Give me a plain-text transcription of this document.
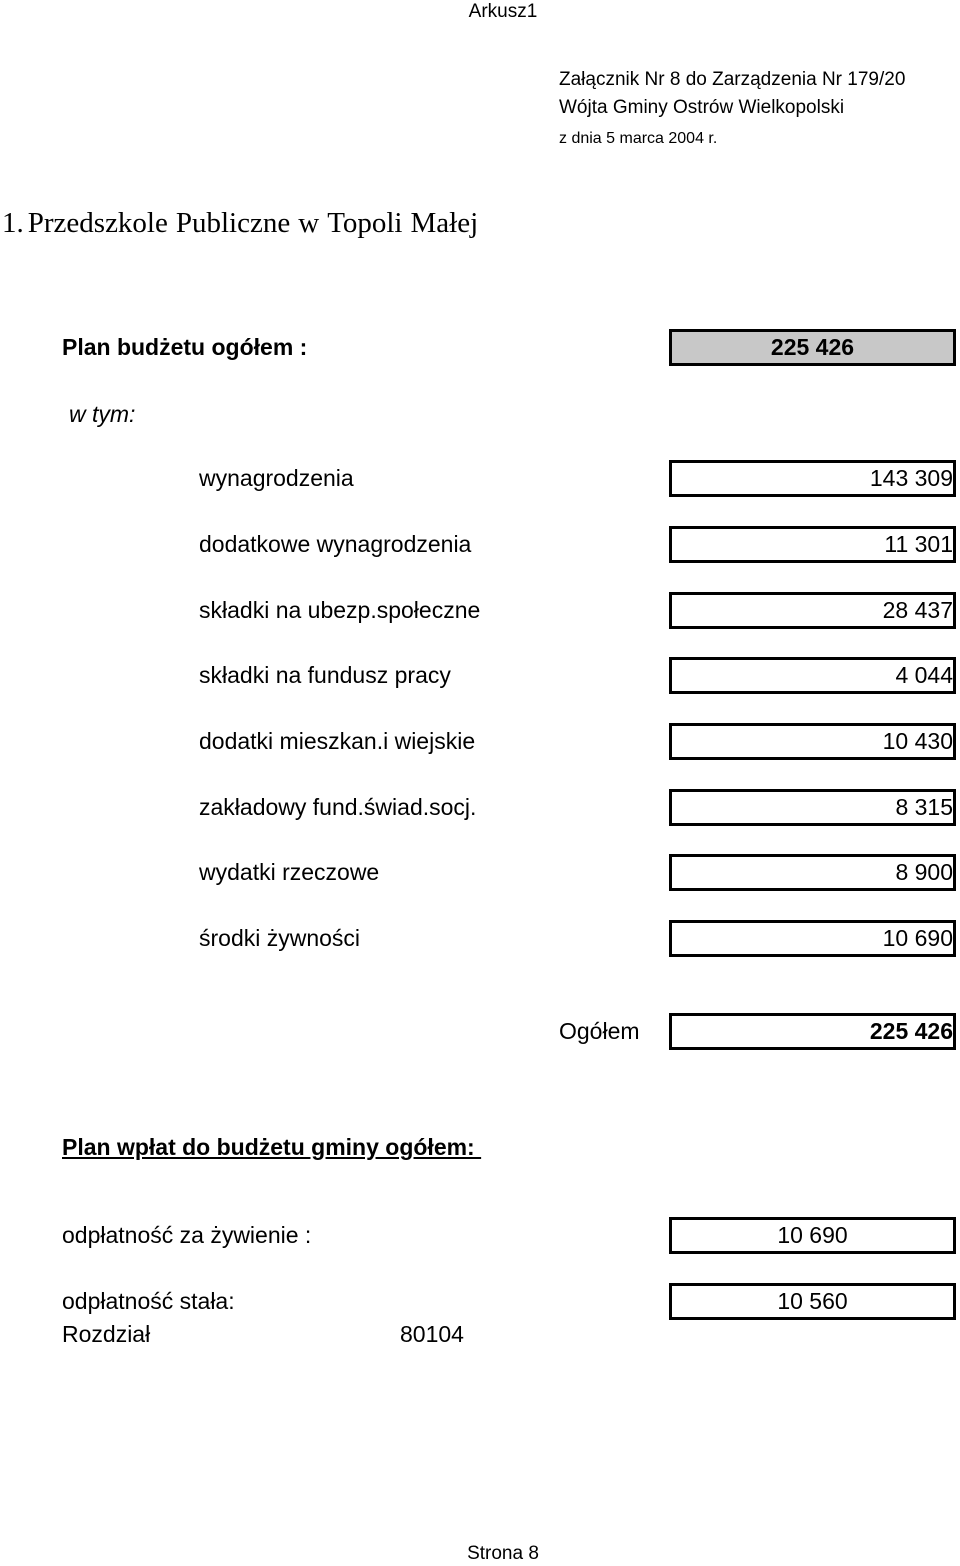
Arkusz1
Załącznik Nr 8 do Zarządzenia Nr 179/20
Wójta Gminy Ostrów Wielkopolski
z dnia 5 marca 2004 r.
1. Przedszkole Publiczne w Topoli Małej
Plan budżetu ogółem :	225 426
w tym:
wynagrodzenia	143 309
dodatkowe wynagrodzenia	11 301
składki na ubezp.społeczne	28 437
składki na fundusz pracy	4 044
dodatki mieszkan.i wiejskie	10 430
zakładowy fund.świad.socj.	8 315
wydatki rzeczowe	8 900
środki żywności	10 690
Ogółem	225 426
Plan wpłat do budżetu gminy ogółem:
odpłatność za żywienie :	10 690
odpłatność stała:	10 560
Rozdział	80104
Strona 8
